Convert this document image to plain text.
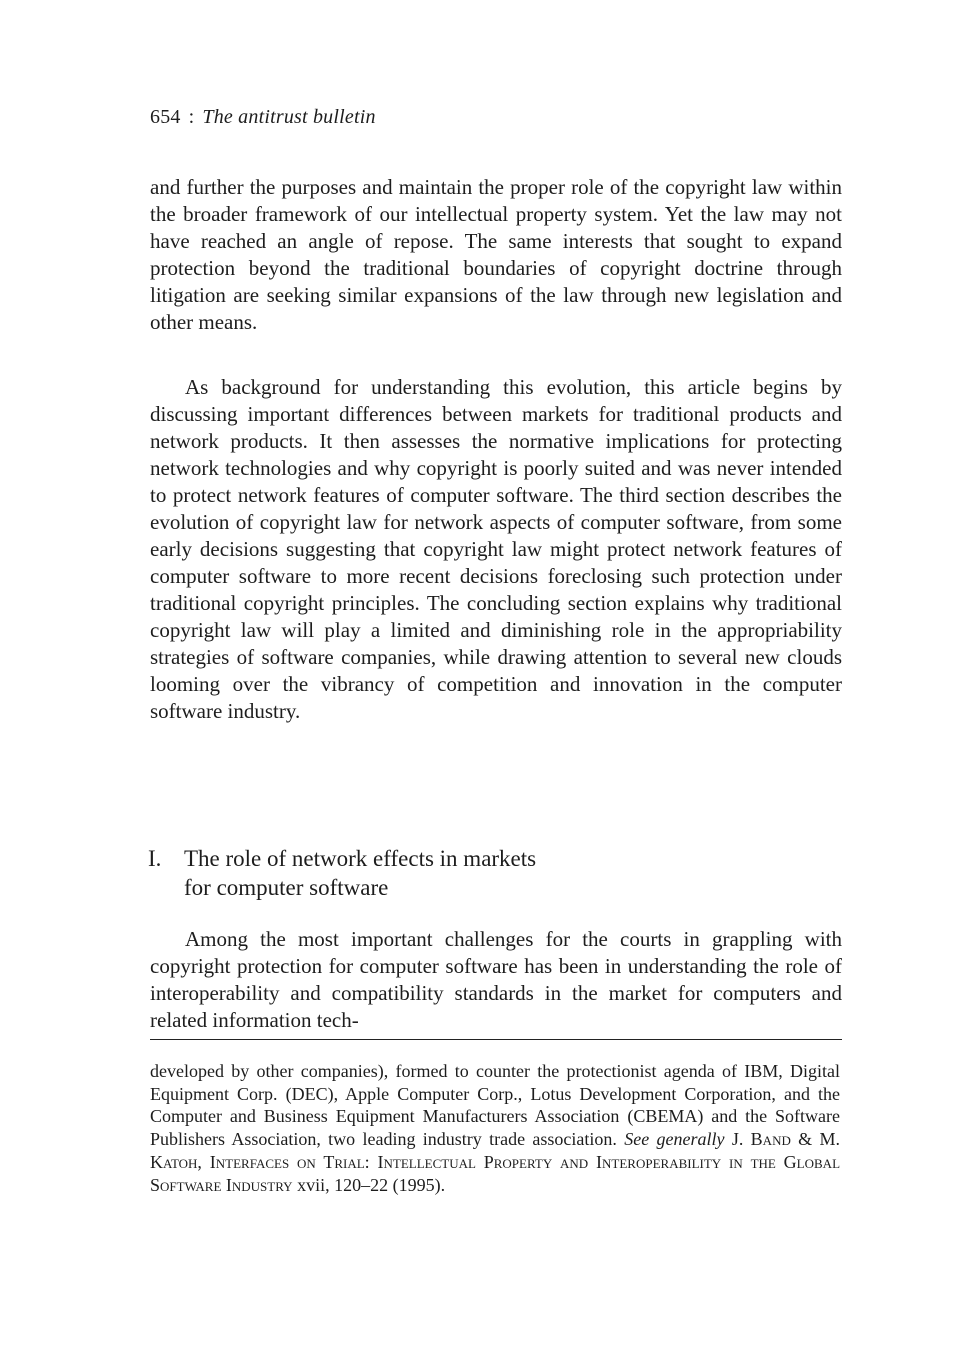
654 : The antitrust bulletin

and further the purposes and maintain the proper role of the copyright law within the broader framework of our intellectual property system. Yet the law may not have reached an angle of repose. The same interests that sought to expand protection beyond the traditional boundaries of copyright doctrine through litigation are seeking similar expansions of the law through new legislation and other means.

As background for understanding this evolution, this article begins by discussing important differences between markets for traditional products and network products. It then assesses the normative implications for protecting network technologies and why copyright is poorly suited and was never intended to protect network features of computer software. The third section describes the evolution of copyright law for network aspects of computer software, from some early decisions suggesting that copyright law might protect network features of computer software to more recent decisions foreclosing such protection under traditional copyright principles. The concluding section explains why traditional copyright law will play a limited and diminishing role in the appropriability strategies of software companies, while drawing attention to several new clouds looming over the vibrancy of competition and innovation in the computer software industry.

I. The role of network effects in markets
for computer software

Among the most important challenges for the courts in grappling with copyright protection for computer software has been in understanding the role of interoperability and compatibility standards in the market for computers and related information tech-

developed by other companies), formed to counter the protectionist agenda of IBM, Digital Equipment Corp. (DEC), Apple Computer Corp., Lotus Development Corporation, and the Computer and Business Equipment Manufacturers Association (CBEMA) and the Software Publishers Association, two leading industry trade association. See generally J. Band & M. Katoh, Interfaces on Trial: Intellectual Property and Interoperability in the Global Software Industry xvii, 120–22 (1995).
